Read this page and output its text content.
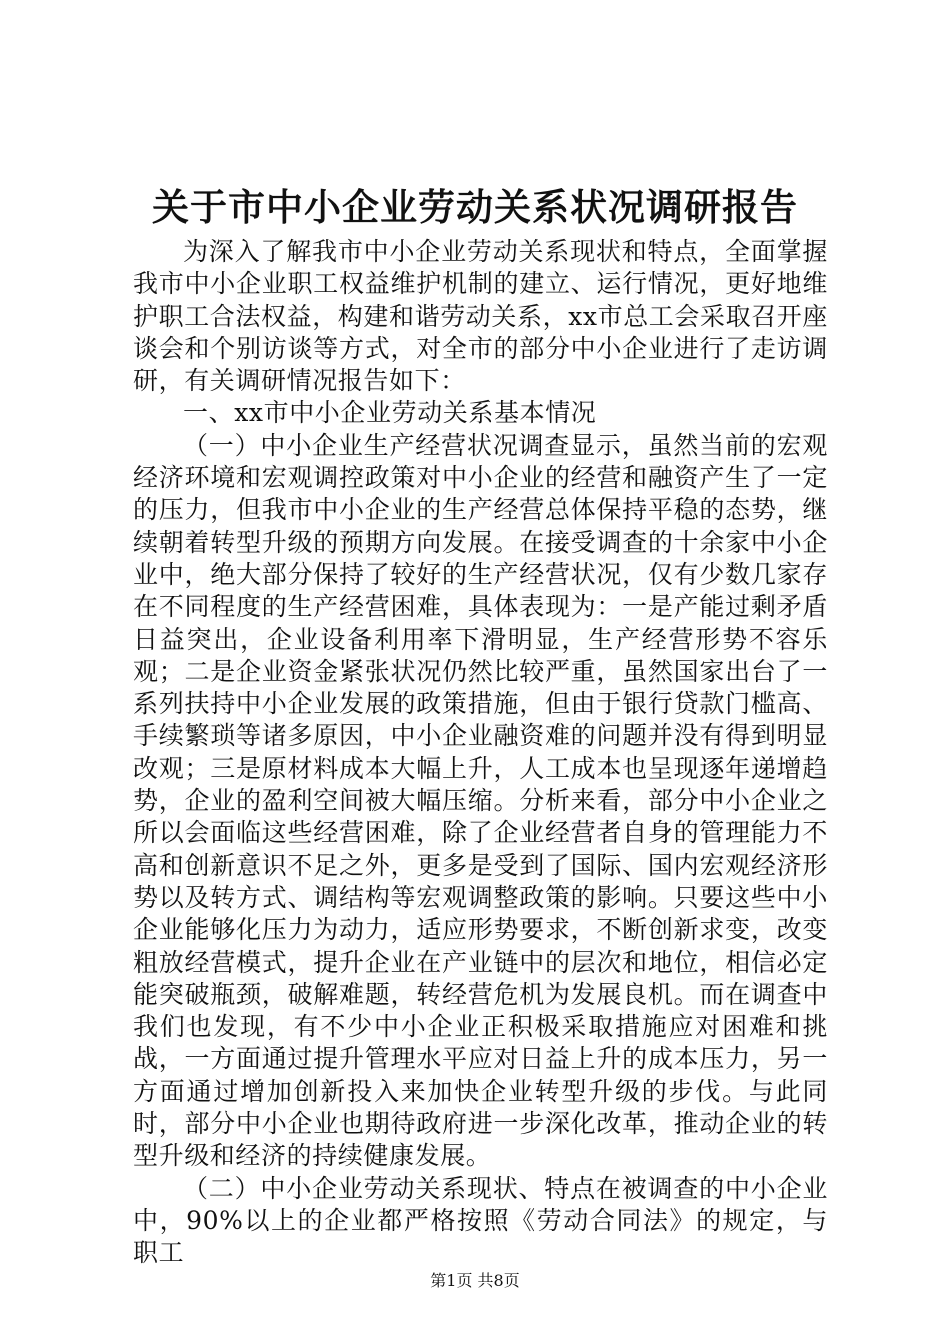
关于市中小企业劳动关系状况调研报告

为深入了解我市中小企业劳动关系现状和特点，全面掌握我市中小企业职工权益维护机制的建立、运行情况，更好地维护职工合法权益，构建和谐劳动关系，xx市总工会采取召开座谈会和个别访谈等方式，对全市的部分中小企业进行了走访调研，有关调研情况报告如下：

一、xx市中小企业劳动关系基本情况

（一）中小企业生产经营状况调查显示，虽然当前的宏观经济环境和宏观调控政策对中小企业的经营和融资产生了一定的压力，但我市中小企业的生产经营总体保持平稳的态势，继续朝着转型升级的预期方向发展。在接受调查的十余家中小企业中，绝大部分保持了较好的生产经营状况，仅有少数几家存在不同程度的生产经营困难，具体表现为：一是产能过剩矛盾日益突出，企业设备利用率下滑明显，生产经营形势不容乐观；二是企业资金紧张状况仍然比较严重，虽然国家出台了一系列扶持中小企业发展的政策措施，但由于银行贷款门槛高、手续繁琐等诸多原因，中小企业融资难的问题并没有得到明显改观；三是原材料成本大幅上升，人工成本也呈现逐年递增趋势，企业的盈利空间被大幅压缩。分析来看，部分中小企业之所以会面临这些经营困难，除了企业经营者自身的管理能力不高和创新意识不足之外，更多是受到了国际、国内宏观经济形势以及转方式、调结构等宏观调整政策的影响。只要这些中小企业能够化压力为动力，适应形势要求，不断创新求变，改变粗放经营模式，提升企业在产业链中的层次和地位，相信必定能突破瓶颈，破解难题，转经营危机为发展良机。而在调查中我们也发现，有不少中小企业正积极采取措施应对困难和挑战，一方面通过提升管理水平应对日益上升的成本压力，另一方面通过增加创新投入来加快企业转型升级的步伐。与此同时，部分中小企业也期待政府进一步深化改革，推动企业的转型升级和经济的持续健康发展。

（二）中小企业劳动关系现状、特点在被调查的中小企业中，90%以上的企业都严格按照《劳动合同法》的规定，与职工

第1页 共8页
